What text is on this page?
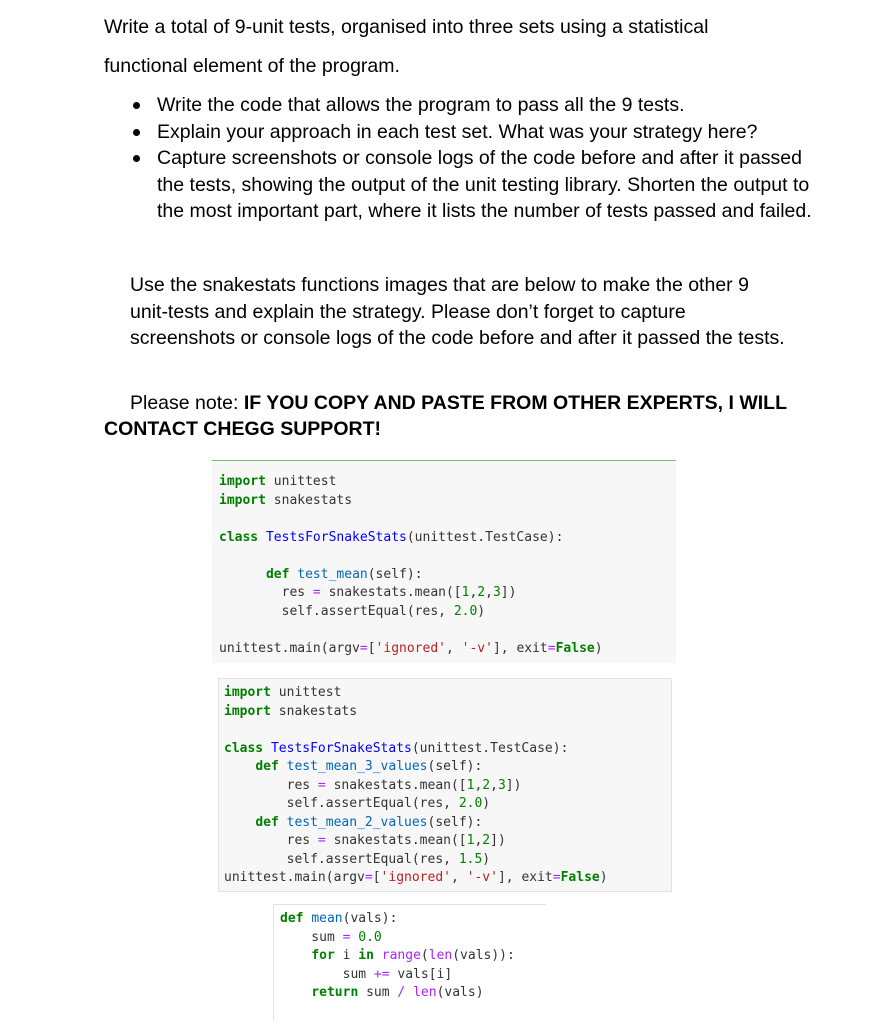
Write a total of 9-unit tests, organised into three sets using a statistical

functional element of the program.

Write the code that allows the program to pass all the 9 tests.
Explain your approach in each test set. What was your strategy here?
Capture screenshots or console logs of the code before and after it passed the tests, showing the output of the unit testing library. Shorten the output to the most important part, where it lists the number of tests passed and failed.

Use the snakestats functions images that are below to make the other 9 unit-tests and explain the strategy. Please don’t forget to capture screenshots or console logs of the code before and after it passed the tests.

Please note: IF YOU COPY AND PASTE FROM OTHER EXPERTS, I WILL

CONTACT CHEGG SUPPORT!

import unittest
import snakestats

class TestsForSnakeStats(unittest.TestCase):

def test_mean(self):
res = snakestats.mean([1,2,3])
self.assertEqual(res, 2.0)

unittest.main(argv=['ignored', '-v'], exit=False)

import unittest
import snakestats

class TestsForSnakeStats(unittest.TestCase):
def test_mean_3_values(self):
res = snakestats.mean([1,2,3])
self.assertEqual(res, 2.0)
def test_mean_2_values(self):
res = snakestats.mean([1,2])
self.assertEqual(res, 1.5)
unittest.main(argv=['ignored', '-v'], exit=False)

def mean(vals):
sum = 0.0
for i in range(len(vals)):
sum += vals[i]
return sum / len(vals)
